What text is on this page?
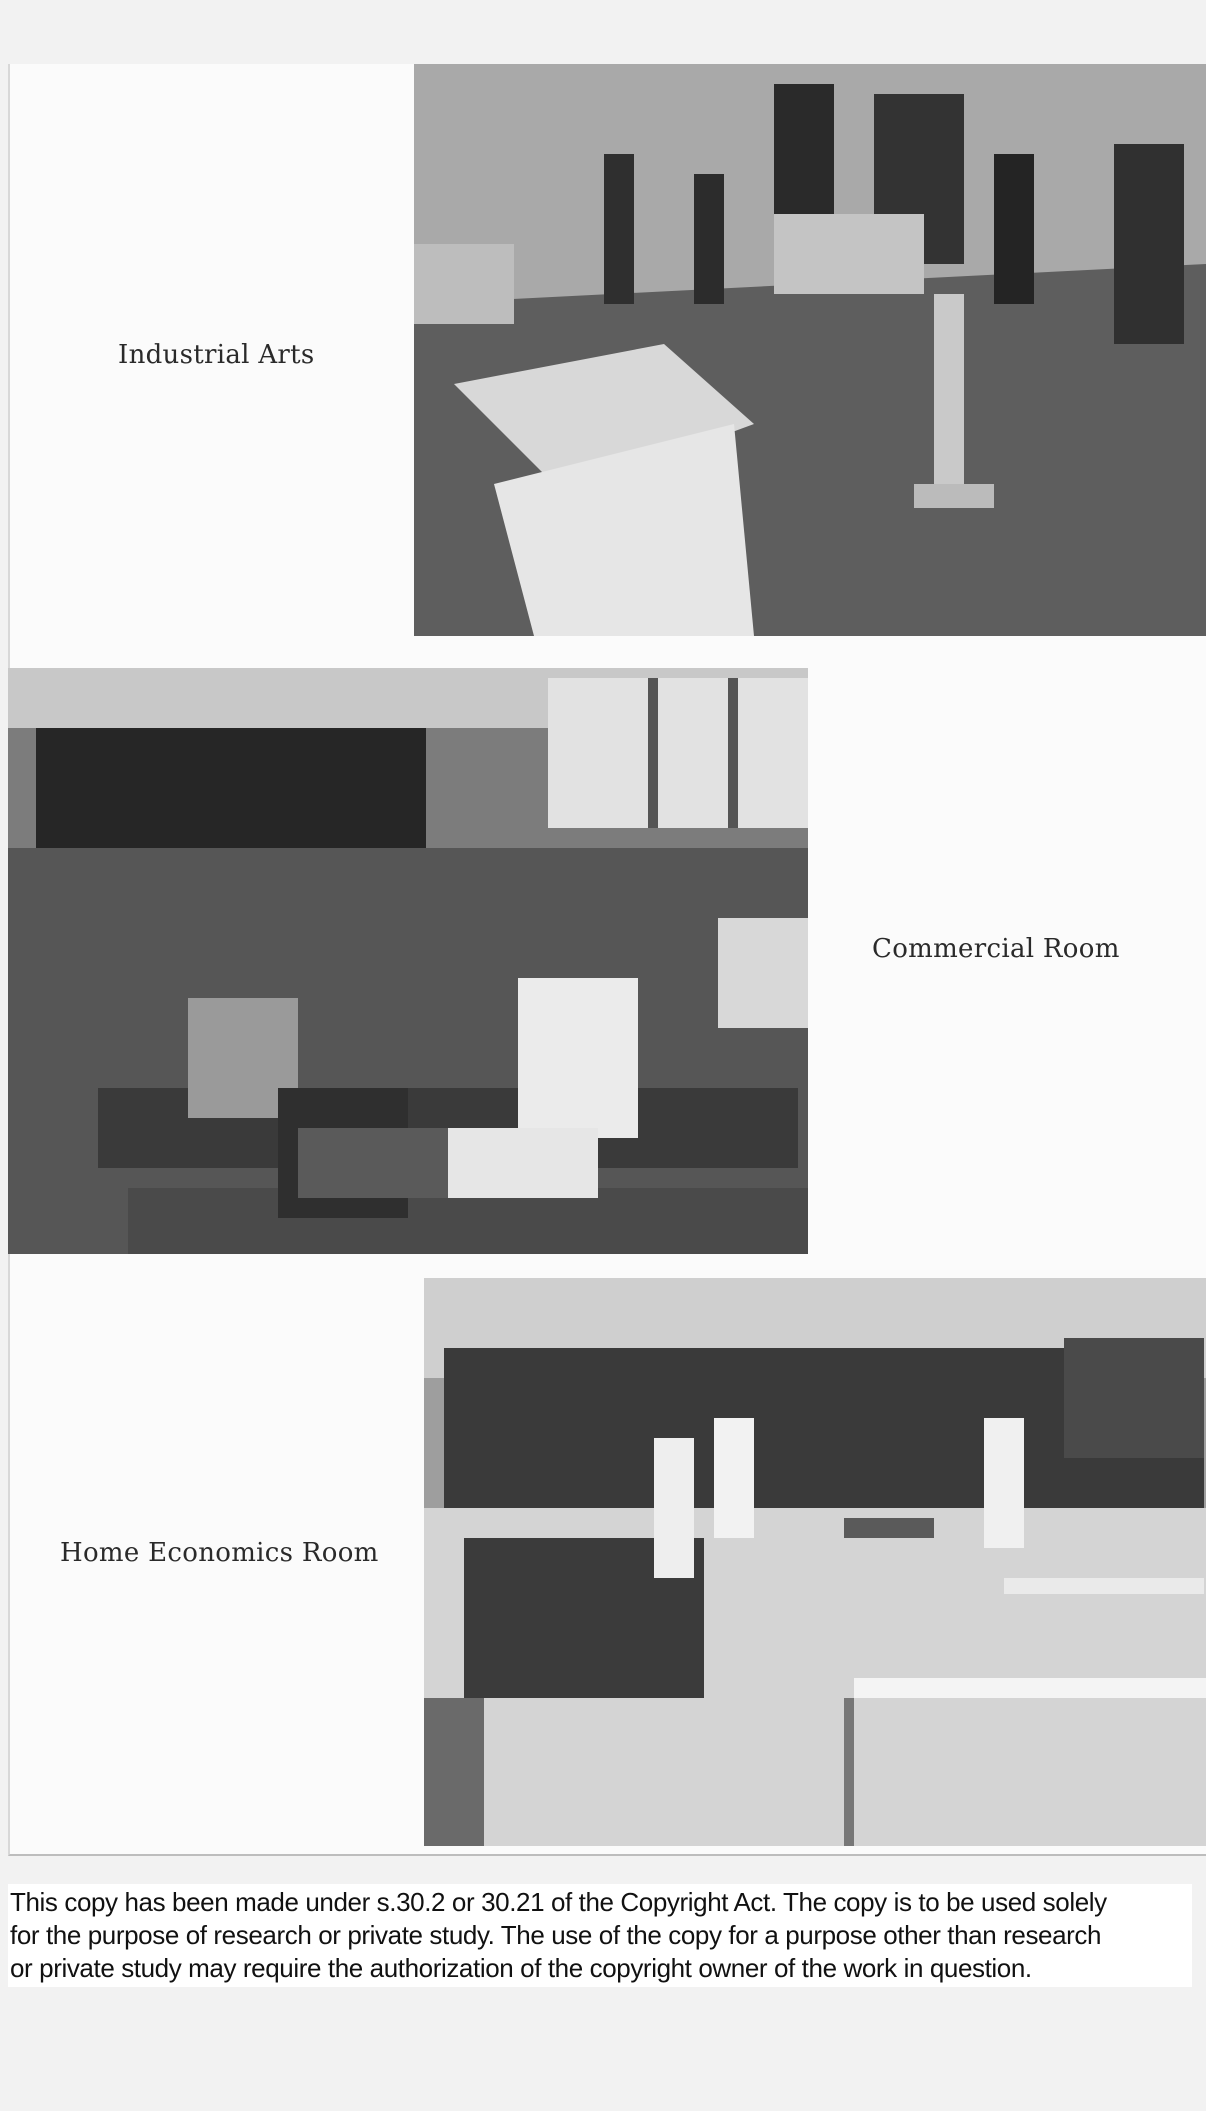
Industrial Arts
Commercial Room
Home Economics Room
This copy has been made under s.30.2 or 30.21 of the Copyright Act. The copy is to be used solely
for the purpose of research or private study. The use of the copy for a purpose other than research
or private study may require the authorization of the copyright owner of the work in question.
